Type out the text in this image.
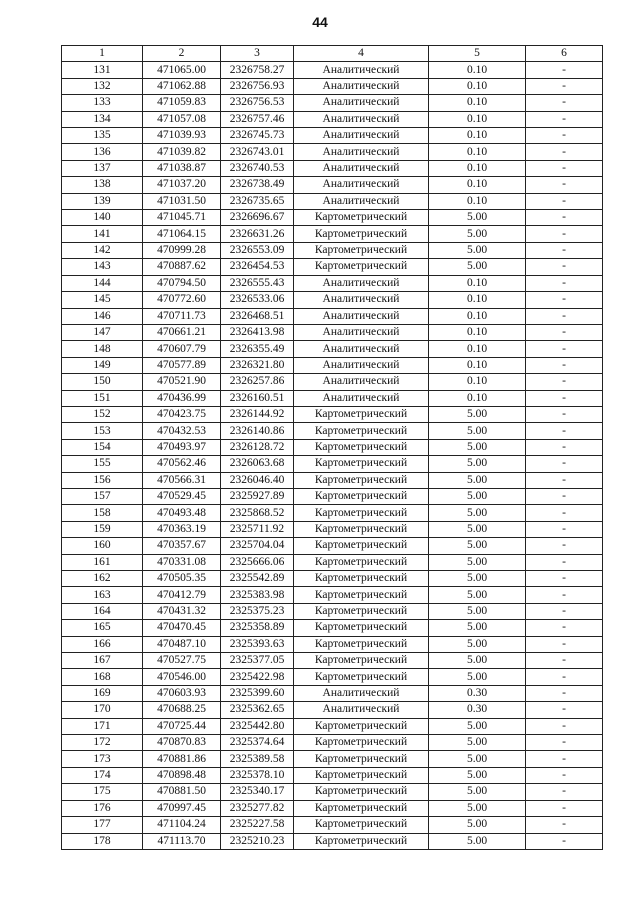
44
1	2	3	4	5	6
131	471065.00	2326758.27	Аналитический	0.10	-
132	471062.88	2326756.93	Аналитический	0.10	-
133	471059.83	2326756.53	Аналитический	0.10	-
134	471057.08	2326757.46	Аналитический	0.10	-
135	471039.93	2326745.73	Аналитический	0.10	-
136	471039.82	2326743.01	Аналитический	0.10	-
137	471038.87	2326740.53	Аналитический	0.10	-
138	471037.20	2326738.49	Аналитический	0.10	-
139	471031.50	2326735.65	Аналитический	0.10	-
140	471045.71	2326696.67	Картометрический	5.00	-
141	471064.15	2326631.26	Картометрический	5.00	-
142	470999.28	2326553.09	Картометрический	5.00	-
143	470887.62	2326454.53	Картометрический	5.00	-
144	470794.50	2326555.43	Аналитический	0.10	-
145	470772.60	2326533.06	Аналитический	0.10	-
146	470711.73	2326468.51	Аналитический	0.10	-
147	470661.21	2326413.98	Аналитический	0.10	-
148	470607.79	2326355.49	Аналитический	0.10	-
149	470577.89	2326321.80	Аналитический	0.10	-
150	470521.90	2326257.86	Аналитический	0.10	-
151	470436.99	2326160.51	Аналитический	0.10	-
152	470423.75	2326144.92	Картометрический	5.00	-
153	470432.53	2326140.86	Картометрический	5.00	-
154	470493.97	2326128.72	Картометрический	5.00	-
155	470562.46	2326063.68	Картометрический	5.00	-
156	470566.31	2326046.40	Картометрический	5.00	-
157	470529.45	2325927.89	Картометрический	5.00	-
158	470493.48	2325868.52	Картометрический	5.00	-
159	470363.19	2325711.92	Картометрический	5.00	-
160	470357.67	2325704.04	Картометрический	5.00	-
161	470331.08	2325666.06	Картометрический	5.00	-
162	470505.35	2325542.89	Картометрический	5.00	-
163	470412.79	2325383.98	Картометрический	5.00	-
164	470431.32	2325375.23	Картометрический	5.00	-
165	470470.45	2325358.89	Картометрический	5.00	-
166	470487.10	2325393.63	Картометрический	5.00	-
167	470527.75	2325377.05	Картометрический	5.00	-
168	470546.00	2325422.98	Картометрический	5.00	-
169	470603.93	2325399.60	Аналитический	0.30	-
170	470688.25	2325362.65	Аналитический	0.30	-
171	470725.44	2325442.80	Картометрический	5.00	-
172	470870.83	2325374.64	Картометрический	5.00	-
173	470881.86	2325389.58	Картометрический	5.00	-
174	470898.48	2325378.10	Картометрический	5.00	-
175	470881.50	2325340.17	Картометрический	5.00	-
176	470997.45	2325277.82	Картометрический	5.00	-
177	471104.24	2325227.58	Картометрический	5.00	-
178	471113.70	2325210.23	Картометрический	5.00	-
